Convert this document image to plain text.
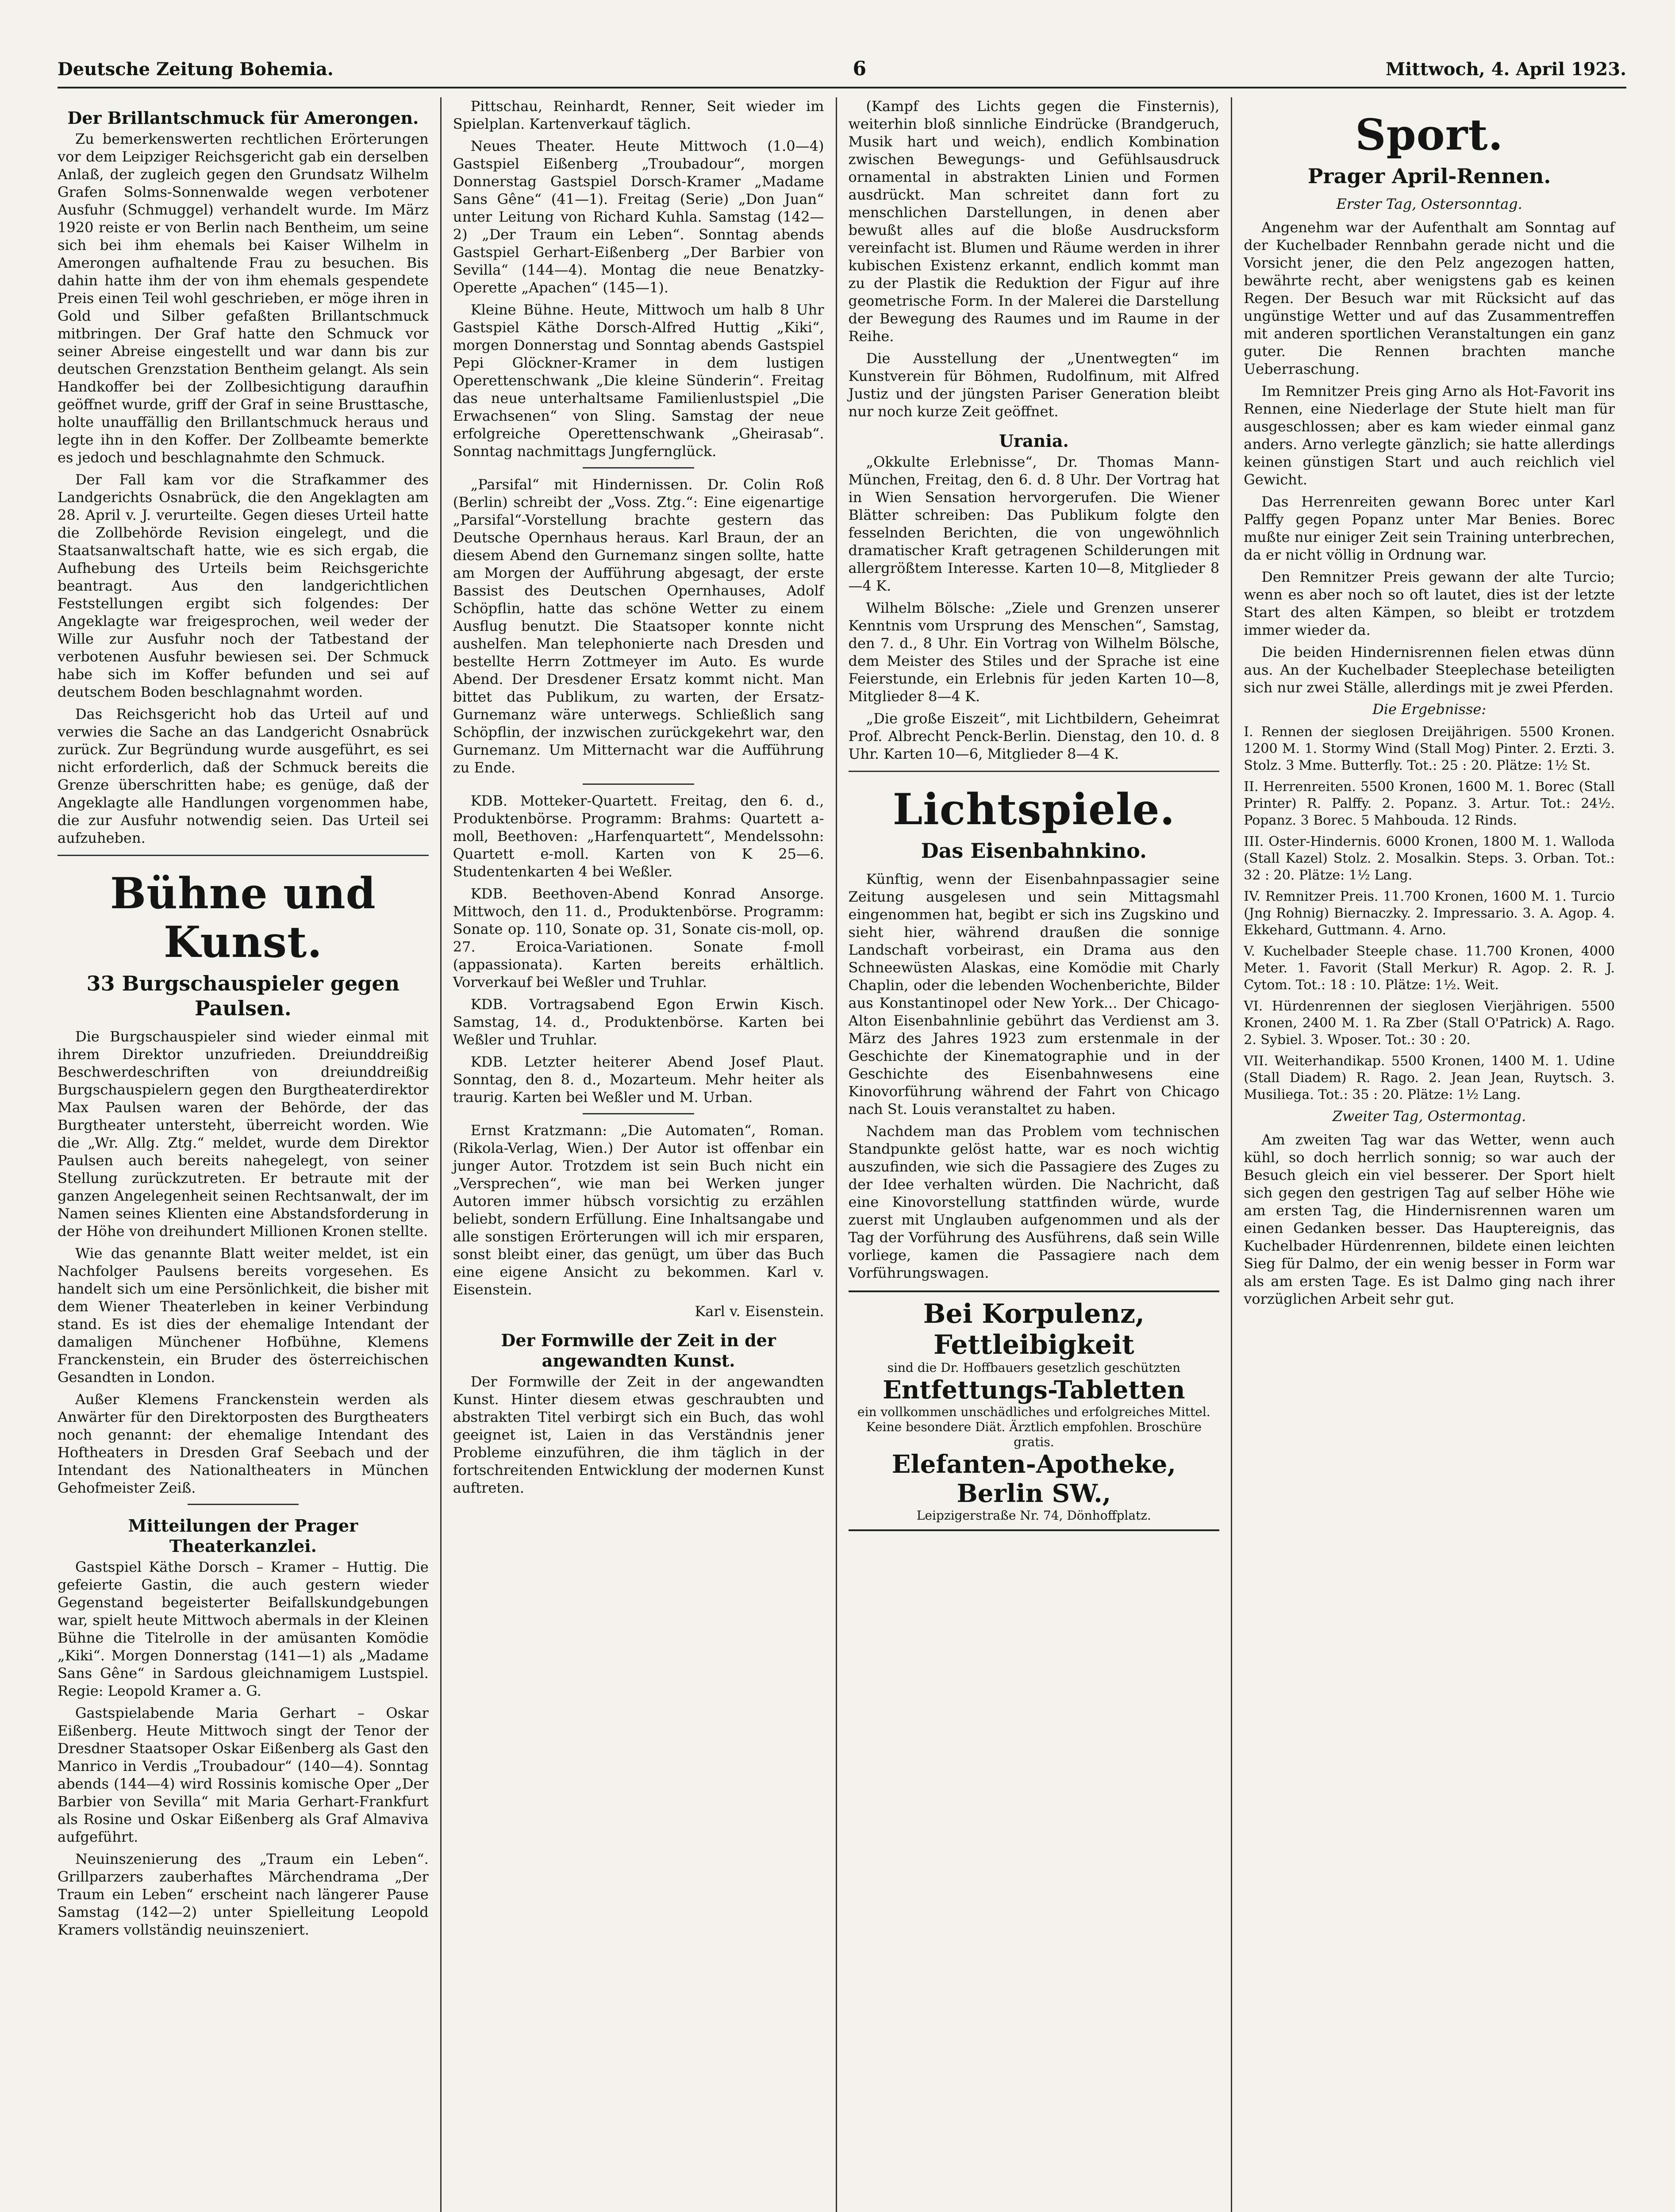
Deutsche Zeitung Bohemia.	6	Mittwoch, 4. April 1923.
Der Brillantschmuck für Amerongen.

Zu bemerkenswerten rechtlichen Erörterungen vor dem Leipziger Reichsgericht gab ein derselben Anlaß, der zugleich gegen den Grundsatz Wilhelm Grafen Solms-Sonnenwalde wegen verbotener Ausfuhr (Schmuggel) verhandelt wurde. Im März 1920 reiste er von Berlin nach Bentheim, um seine sich bei ihm ehemals bei Kaiser Wilhelm in Amerongen aufhaltende Frau zu besuchen. Bis dahin hatte ihm der von ihm ehemals gespendete Preis einen Teil wohl geschrieben, er möge ihren in Gold und Silber gefaßten Brillantschmuck mitbringen. Der Graf hatte den Schmuck vor seiner Abreise eingestellt und war dann bis zur deutschen Grenzstation Bentheim gelangt. Als sein Handkoffer bei der Zollbesichtigung daraufhin geöffnet wurde, griff der Graf in seine Brusttasche, holte unauffällig den Brillantschmuck heraus und legte ihn in den Koffer. Der Zollbeamte bemerkte es jedoch und beschlagnahmte den Schmuck.

Der Fall kam vor die Strafkammer des Landgerichts Osnabrück, die den Angeklagten am 28. April v. J. verurteilte. Gegen dieses Urteil hatte die Zollbehörde Revision eingelegt, und die Staatsanwaltschaft hatte, wie es sich ergab, die Aufhebung des Urteils beim Reichsgerichte beantragt. Aus den landgerichtlichen Feststellungen ergibt sich folgendes: Der Angeklagte war freigesprochen, weil weder der Wille zur Ausfuhr noch der Tatbestand der verbotenen Ausfuhr bewiesen sei. Der Schmuck habe sich im Koffer befunden und sei auf deutschem Boden beschlagnahmt worden.

Das Reichsgericht hob das Urteil auf und verwies die Sache an das Landgericht Osnabrück zurück. Zur Begründung wurde ausgeführt, es sei nicht erforderlich, daß der Schmuck bereits die Grenze überschritten habe; es genüge, daß der Angeklagte alle Handlungen vorgenommen habe, die zur Ausfuhr notwendig seien. Das Urteil sei aufzuheben.

Bühne und Kunst.
33 Burgschauspieler gegen Paulsen.

Die Burgschauspieler sind wieder einmal mit ihrem Direktor unzufrieden. Dreiunddreißig Beschwerdeschriften von dreiunddreißig Burgschauspielern gegen den Burgtheaterdirektor Max Paulsen waren der Behörde, der das Burgtheater untersteht, überreicht worden. Wie die „Wr. Allg. Ztg.“ meldet, wurde dem Direktor Paulsen auch bereits nahegelegt, von seiner Stellung zurückzutreten. Er betraute mit der ganzen Angelegenheit seinen Rechtsanwalt, der im Namen seines Klienten eine Abstandsforderung in der Höhe von dreihundert Millionen Kronen stellte.

Wie das genannte Blatt weiter meldet, ist ein Nachfolger Paulsens bereits vorgesehen. Es handelt sich um eine Persönlichkeit, die bisher mit dem Wiener Theaterleben in keiner Verbindung stand. Es ist dies der ehemalige Intendant der damaligen Münchener Hofbühne, Klemens Franckenstein, ein Bruder des österreichischen Gesandten in London.

Außer Klemens Franckenstein werden als Anwärter für den Direktorposten des Burgtheaters noch genannt: der ehemalige Intendant des Hoftheaters in Dresden Graf Seebach und der Intendant des Nationaltheaters in München Gehofmeister Zeiß.

Mitteilungen der Prager Theaterkanzlei.

Gastspiel Käthe Dorsch – Kramer – Huttig. Die gefeierte Gastin, die auch gestern wieder Gegenstand begeisterter Beifallskundgebungen war, spielt heute Mittwoch abermals in der Kleinen Bühne die Titelrolle in der amüsanten Komödie „Kiki“. Morgen Donnerstag (141—1) als „Madame Sans Gêne“ in Sardous gleichnamigem Lustspiel. Regie: Leopold Kramer a. G.

Gastspielabende Maria Gerhart – Oskar Eißenberg. Heute Mittwoch singt der Tenor der Dresdner Staatsoper Oskar Eißenberg als Gast den Manrico in Verdis „Troubadour“ (140—4). Sonntag abends (144—4) wird Rossinis komische Oper „Der Barbier von Sevilla“ mit Maria Gerhart-Frankfurt als Rosine und Oskar Eißenberg als Graf Almaviva aufgeführt.

Neuinszenierung des „Traum ein Leben“. Grillparzers zauberhaftes Märchendrama „Der Traum ein Leben“ erscheint nach längerer Pause Samstag (142—2) unter Spielleitung Leopold Kramers vollständig neuinszeniert.

Pittschau, Reinhardt, Renner, Seit wieder im Spielplan. Kartenverkauf täglich.

Neues Theater. Heute Mittwoch (1.0—4) Gastspiel Eißenberg „Troubadour“, morgen Donnerstag Gastspiel Dorsch-Kramer „Madame Sans Gêne“ (41—1). Freitag (Serie) „Don Juan“ unter Leitung von Richard Kuhla. Samstag (142—2) „Der Traum ein Leben“. Sonntag abends Gastspiel Gerhart-Eißenberg „Der Barbier von Sevilla“ (144—4). Montag die neue Benatzky-Operette „Apachen“ (145—1).

Kleine Bühne. Heute, Mittwoch um halb 8 Uhr Gastspiel Käthe Dorsch-Alfred Huttig „Kiki“, morgen Donnerstag und Sonntag abends Gastspiel Pepi Glöckner-Kramer in dem lustigen Operettenschwank „Die kleine Sünderin“. Freitag das neue unterhaltsame Familienlustspiel „Die Erwachsenen“ von Sling. Samstag der neue erfolgreiche Operettenschwank „Gheirasab“. Sonntag nachmittags Jungfernglück.

„Parsifal“ mit Hindernissen. Dr. Colin Roß (Berlin) schreibt der „Voss. Ztg.“: Eine eigenartige „Parsifal“-Vorstellung brachte gestern das Deutsche Opernhaus heraus. Karl Braun, der an diesem Abend den Gurnemanz singen sollte, hatte am Morgen der Aufführung abgesagt, der erste Bassist des Deutschen Opernhauses, Adolf Schöpflin, hatte das schöne Wetter zu einem Ausflug benutzt. Die Staatsoper konnte nicht aushelfen. Man telephonierte nach Dresden und bestellte Herrn Zottmeyer im Auto. Es wurde Abend. Der Dresdener Ersatz kommt nicht. Man bittet das Publikum, zu warten, der Ersatz-Gurnemanz wäre unterwegs. Schließlich sang Schöpflin, der inzwischen zurückgekehrt war, den Gurnemanz. Um Mitternacht war die Aufführung zu Ende.

KDB. Motteker-Quartett. Freitag, den 6. d., Produktenbörse. Programm: Brahms: Quartett a-moll, Beethoven: „Harfenquartett“, Mendelssohn: Quartett e-moll. Karten von K 25—6. Studentenkarten 4 bei Weßler.

KDB. Beethoven-Abend Konrad Ansorge. Mittwoch, den 11. d., Produktenbörse. Programm: Sonate op. 110, Sonate op. 31, Sonate cis-moll, op. 27. Eroica-Variationen. Sonate f-moll (appassionata). Karten bereits erhältlich. Vorverkauf bei Weßler und Truhlar.

KDB. Vortragsabend Egon Erwin Kisch. Samstag, 14. d., Produktenbörse. Karten bei Weßler und Truhlar.

KDB. Letzter heiterer Abend Josef Plaut. Sonntag, den 8. d., Mozarteum. Mehr heiter als traurig. Karten bei Weßler und M. Urban.

Ernst Kratzmann: „Die Automaten“, Roman. (Rikola-Verlag, Wien.) Der Autor ist offenbar ein junger Autor. Trotzdem ist sein Buch nicht ein „Versprechen“, wie man bei Werken junger Autoren immer hübsch vorsichtig zu erzählen beliebt, sondern Erfüllung. Eine Inhaltsangabe und alle sonstigen Erörterungen will ich mir ersparen, sonst bleibt einer, das genügt, um über das Buch eine eigene Ansicht zu bekommen. Karl v. Eisenstein.

Karl v. Eisenstein.
Der Formwille der Zeit in der angewandten Kunst.

Der Formwille der Zeit in der angewandten Kunst. Hinter diesem etwas geschraubten und abstrakten Titel verbirgt sich ein Buch, das wohl geeignet ist, Laien in das Verständnis jener Probleme einzuführen, die ihm täglich in der fortschreitenden Entwicklung der modernen Kunst auftreten.

(Kampf des Lichts gegen die Finsternis), weiterhin bloß sinnliche Eindrücke (Brandgeruch, Musik hart und weich), endlich Kombination zwischen Bewegungs- und Gefühlsausdruck ornamental in abstrakten Linien und Formen ausdrückt. Man schreitet dann fort zu menschlichen Darstellungen, in denen aber bewußt alles auf die bloße Ausdrucksform vereinfacht ist. Blumen und Räume werden in ihrer kubischen Existenz erkannt, endlich kommt man zu der Plastik die Reduktion der Figur auf ihre geometrische Form. In der Malerei die Darstellung der Bewegung des Raumes und im Raume in der Reihe.

Die Ausstellung der „Unentwegten“ im Kunstverein für Böhmen, Rudolfinum, mit Alfred Justiz und der jüngsten Pariser Generation bleibt nur noch kurze Zeit geöffnet.

Urania.

„Okkulte Erlebnisse“, Dr. Thomas Mann-München, Freitag, den 6. d. 8 Uhr. Der Vortrag hat in Wien Sensation hervorgerufen. Die Wiener Blätter schreiben: Das Publikum folgte den fesselnden Berichten, die von ungewöhnlich dramatischer Kraft getragenen Schilderungen mit allergrößtem Interesse. Karten 10—8, Mitglieder 8—4 K.

Wilhelm Bölsche: „Ziele und Grenzen unserer Kenntnis vom Ursprung des Menschen“, Samstag, den 7. d., 8 Uhr. Ein Vortrag von Wilhelm Bölsche, dem Meister des Stiles und der Sprache ist eine Feierstunde, ein Erlebnis für jeden Karten 10—8, Mitglieder 8—4 K.

„Die große Eiszeit“, mit Lichtbildern, Geheimrat Prof. Albrecht Penck-Berlin. Dienstag, den 10. d. 8 Uhr. Karten 10—6, Mitglieder 8—4 K.

Lichtspiele.
Das Eisenbahnkino.

Künftig, wenn der Eisenbahnpassagier seine Zeitung ausgelesen und sein Mittagsmahl eingenommen hat, begibt er sich ins Zugskino und sieht hier, während draußen die sonnige Landschaft vorbeirast, ein Drama aus den Schneewüsten Alaskas, eine Komödie mit Charly Chaplin, oder die lebenden Wochenberichte, Bilder aus Konstantinopel oder New York... Der Chicago-Alton Eisenbahnlinie gebührt das Verdienst am 3. März des Jahres 1923 zum erstenmale in der Geschichte der Kinematographie und in der Geschichte des Eisenbahnwesens eine Kinovorführung während der Fahrt von Chicago nach St. Louis veranstaltet zu haben.

Nachdem man das Problem vom technischen Standpunkte gelöst hatte, war es noch wichtig auszufinden, wie sich die Passagiere des Zuges zu der Idee verhalten würden. Die Nachricht, daß eine Kinovorstellung stattfinden würde, wurde zuerst mit Unglauben aufgenommen und als der Tag der Vorführung des Ausführens, daß sein Wille vorliege, kamen die Passagiere nach dem Vorführungswagen.

Bei Korpulenz, Fettleibigkeit
sind die Dr. Hoffbauers gesetzlich geschützten
Entfettungs-Tabletten
ein vollkommen unschädliches und erfolgreiches Mittel. Keine besondere Diät. Ärztlich empfohlen. Broschüre gratis.
Elefanten-Apotheke, Berlin SW.,
Leipzigerstraße Nr. 74, Dönhoffplatz.
Sport.
Prager April-Rennen.
Erster Tag, Ostersonntag.

Angenehm war der Aufenthalt am Sonntag auf der Kuchelbader Rennbahn gerade nicht und die Vorsicht jener, die den Pelz angezogen hatten, bewährte recht, aber wenigstens gab es keinen Regen. Der Besuch war mit Rücksicht auf das ungünstige Wetter und auf das Zusammentreffen mit anderen sportlichen Veranstaltungen ein ganz guter. Die Rennen brachten manche Ueberraschung.

Im Remnitzer Preis ging Arno als Hot-Favorit ins Rennen, eine Niederlage der Stute hielt man für ausgeschlossen; aber es kam wieder einmal ganz anders. Arno verlegte gänzlich; sie hatte allerdings keinen günstigen Start und auch reichlich viel Gewicht.

Das Herrenreiten gewann Borec unter Karl Palffy gegen Popanz unter Mar Benies. Borec mußte nur einiger Zeit sein Training unterbrechen, da er nicht völlig in Ordnung war.

Den Remnitzer Preis gewann der alte Turcio; wenn es aber noch so oft lautet, dies ist der letzte Start des alten Kämpen, so bleibt er trotzdem immer wieder da.

Die beiden Hindernisrennen fielen etwas dünn aus. An der Kuchelbader Steeplechase beteiligten sich nur zwei Ställe, allerdings mit je zwei Pferden.

Die Ergebnisse:

I. Rennen der sieglosen Dreijährigen. 5500 Kronen. 1200 M. 1. Stormy Wind (Stall Mog) Pinter. 2. Erzti. 3. Stolz. 3 Mme. Butterfly. Tot.: 25 : 20. Plätze: 1½ St.

II. Herrenreiten. 5500 Kronen, 1600 M. 1. Borec (Stall Printer) R. Palffy. 2. Popanz. 3. Artur. Tot.: 24½. Popanz. 3 Borec. 5 Mahbouda. 12 Rinds.

III. Oster-Hindernis. 6000 Kronen, 1800 M. 1. Walloda (Stall Kazel) Stolz. 2. Mosalkin. Steps. 3. Orban. Tot.: 32 : 20. Plätze: 1½ Lang.

IV. Remnitzer Preis. 11.700 Kronen, 1600 M. 1. Turcio (Jng Rohnig) Biernaczky. 2. Impressario. 3. A. Agop. 4. Ekkehard, Guttmann. 4. Arno.

V. Kuchelbader Steeple chase. 11.700 Kronen, 4000 Meter. 1. Favorit (Stall Merkur) R. Agop. 2. R. J. Cytom. Tot.: 18 : 10. Plätze: 1½. Weit.

VI. Hürdenrennen der sieglosen Vierjährigen. 5500 Kronen, 2400 M. 1. Ra Zber (Stall O'Patrick) A. Rago. 2. Sybiel. 3. Wposer. Tot.: 30 : 20.

VII. Weiterhandikap. 5500 Kronen, 1400 M. 1. Udine (Stall Diadem) R. Rago. 2. Jean Jean, Ruytsch. 3. Musiliega. Tot.: 35 : 20. Plätze: 1½ Lang.

Zweiter Tag, Ostermontag.

Am zweiten Tag war das Wetter, wenn auch kühl, so doch herrlich sonnig; so war auch der Besuch gleich ein viel besserer. Der Sport hielt sich gegen den gestrigen Tag auf selber Höhe wie am ersten Tag, die Hindernisrennen waren um einen Gedanken besser. Das Hauptereignis, das Kuchelbader Hürdenrennen, bildete einen leichten Sieg für Dalmo, der ein wenig besser in Form war als am ersten Tage. Es ist Dalmo ging nach ihrer vorzüglichen Arbeit sehr gut.
